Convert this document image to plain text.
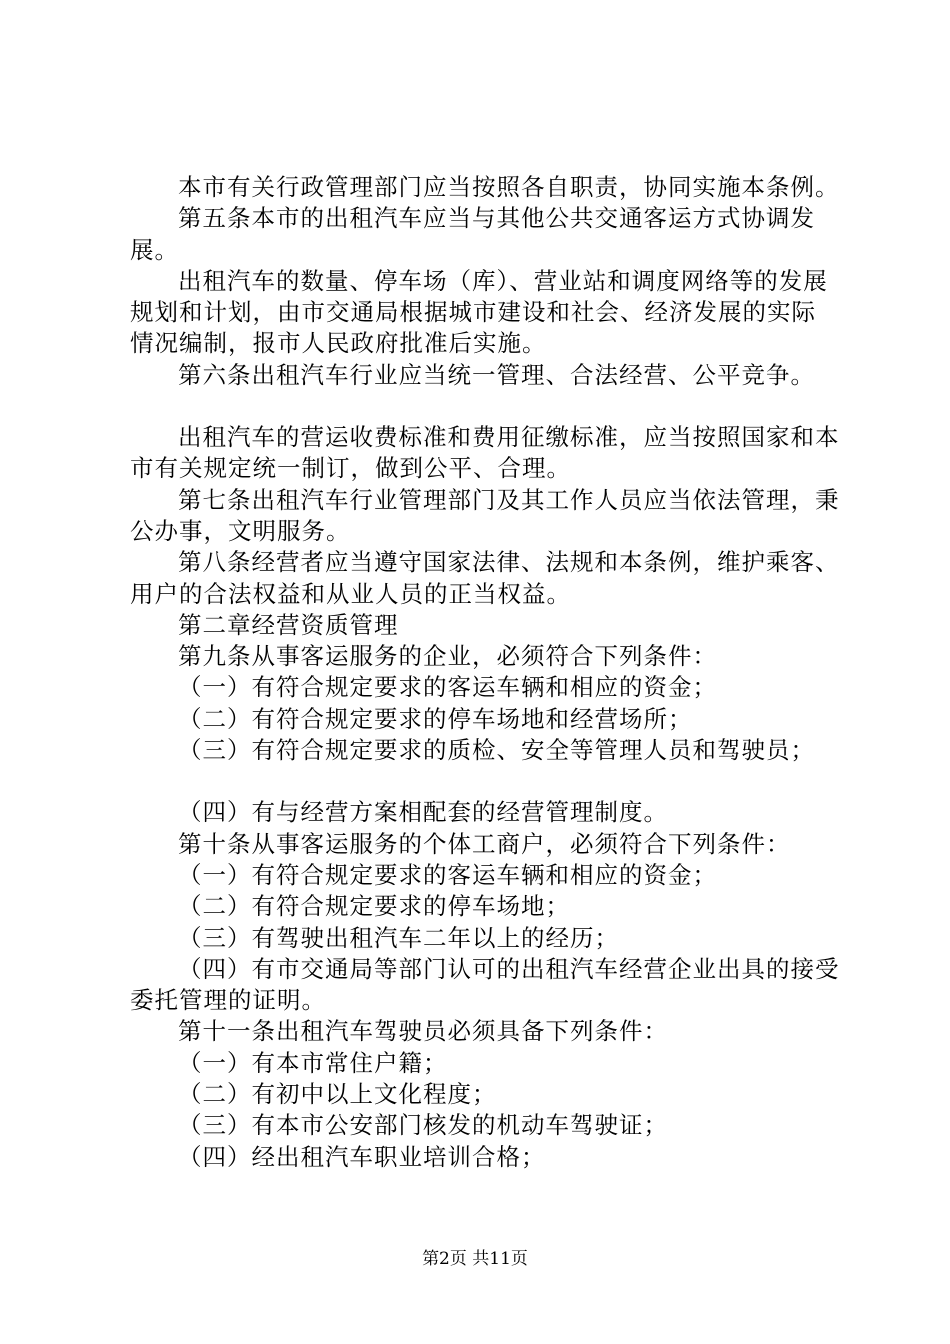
本市有关行政管理部门应当按照各自职责，协同实施本条例。

第五条本市的出租汽车应当与其他公共交通客运方式协调发展。

出租汽车的数量、停车场（库）、营业站和调度网络等的发展规划和计划，由市交通局根据城市建设和社会、经济发展的实际情况编制，报市人民政府批准后实施。

第六条出租汽车行业应当统一管理、合法经营、公平竞争。

出租汽车的营运收费标准和费用征缴标准，应当按照国家和本市有关规定统一制订，做到公平、合理。

第七条出租汽车行业管理部门及其工作人员应当依法管理，秉公办事，文明服务。

第八条经营者应当遵守国家法律、法规和本条例，维护乘客、用户的合法权益和从业人员的正当权益。

第二章经营资质管理

第九条从事客运服务的企业，必须符合下列条件：

（一）有符合规定要求的客运车辆和相应的资金；

（二）有符合规定要求的停车场地和经营场所；

（三）有符合规定要求的质检、安全等管理人员和驾驶员；

（四）有与经营方案相配套的经营管理制度。

第十条从事客运服务的个体工商户，必须符合下列条件：

（一）有符合规定要求的客运车辆和相应的资金；

（二）有符合规定要求的停车场地；

（三）有驾驶出租汽车二年以上的经历；

（四）有市交通局等部门认可的出租汽车经营企业出具的接受委托管理的证明。

第十一条出租汽车驾驶员必须具备下列条件：

（一）有本市常住户籍；

（二）有初中以上文化程度；

（三）有本市公安部门核发的机动车驾驶证；

（四）经出租汽车职业培训合格；

第2页 共11页
